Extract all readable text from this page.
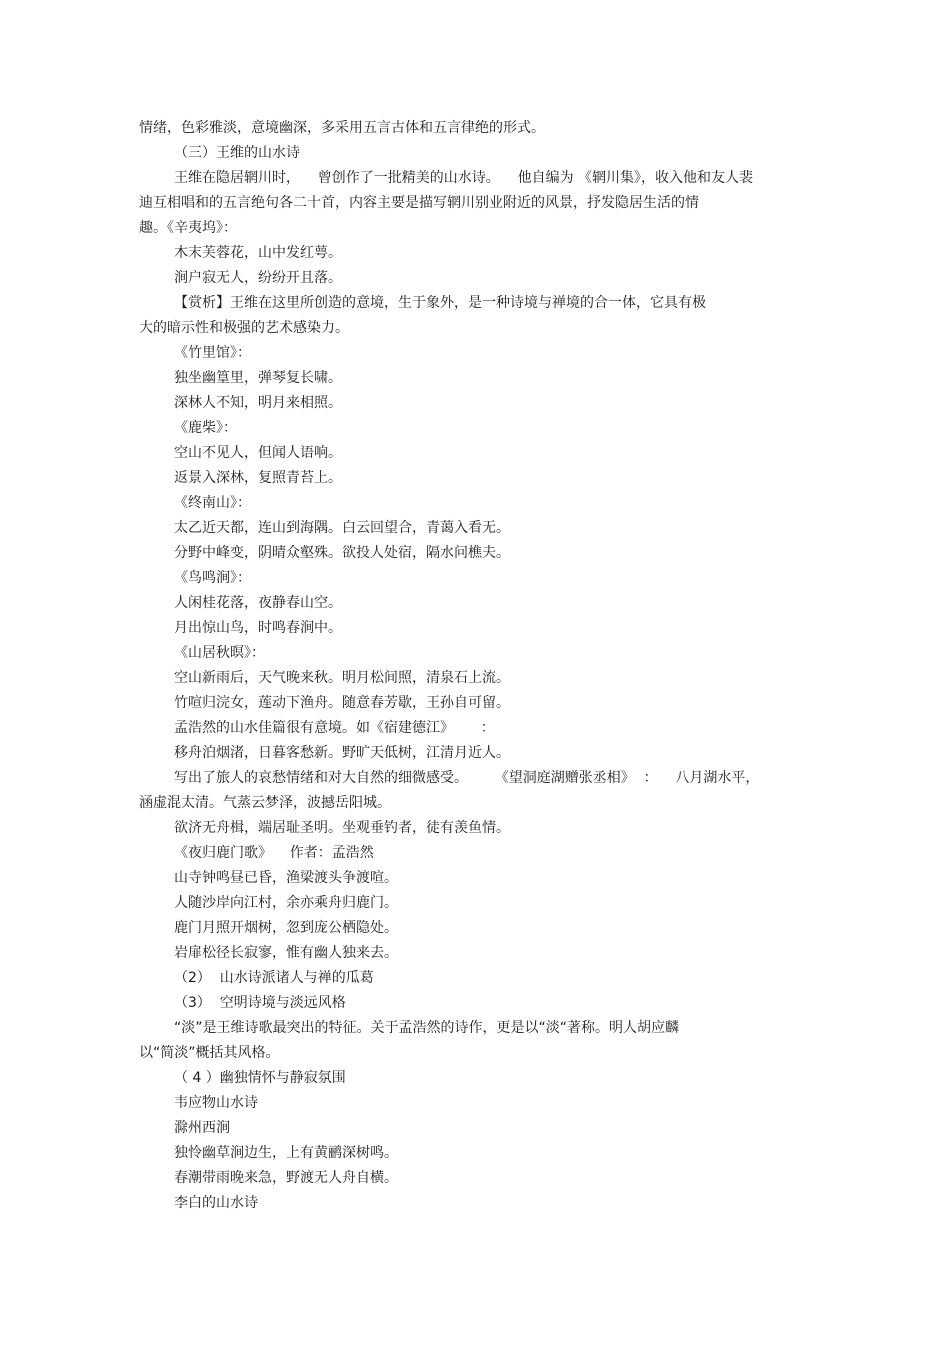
情绪，色彩雅淡，意境幽深，多采用五言古体和五言律绝的形式。
（三）王维的山水诗
王维在隐居辋川时，    曾创作了一批精美的山水诗。    他自编为 《辋川集》，收入他和友人裴
迪互相唱和的五言绝句各二十首，内容主要是描写辋川别业附近的风景，抒发隐居生活的情
趣。《辛夷坞》：
木末芙蓉花，山中发红萼。
涧户寂无人，纷纷开且落。
【赏析】王维在这里所创造的意境，生于象外，是一种诗境与禅境的合一体，它具有极
大的暗示性和极强的艺术感染力。
《竹里馆》：
独坐幽篁里，弹琴复长啸。
深林人不知，明月来相照。
《鹿柴》：
空山不见人，但闻人语响。
返景入深林，复照青苔上。
《终南山》：
太乙近天都，连山到海隅。白云回望合，青蔼入看无。
分野中峰变，阴晴众壑殊。欲投人处宿，隔水问樵夫。
《鸟鸣涧》：
人闲桂花落，夜静春山空。
月出惊山鸟，时鸣春涧中。
《山居秋暝》：
空山新雨后，天气晚来秋。明月松间照，清泉石上流。
竹喧归浣女，莲动下渔舟。随意春芳歇，王孙自可留。
孟浩然的山水佳篇很有意境。如《宿建德江》      ：
移舟泊烟渚，日暮客愁新。野旷天低树，江清月近人。
写出了旅人的哀愁情绪和对大自然的细微感受。      《望洞庭湖赠张丞相》  ：    八月湖水平，
涵虚混太清。气蒸云梦泽，波撼岳阳城。
欲济无舟楫，端居耻圣明。坐观垂钓者，徒有羡鱼情。
《夜归鹿门歌》    作者：孟浩然
山寺钟鸣昼已昏，渔梁渡头争渡喧。
人随沙岸向江村，余亦乘舟归鹿门。
鹿门月照开烟树，忽到庞公栖隐处。
岩扉松径长寂寥，惟有幽人独来去。
（2）  山水诗派诸人与禅的瓜葛
（3）  空明诗境与淡远风格
“淡”是王维诗歌最突出的特征。关于孟浩然的诗作，更是以“淡“著称。明人胡应麟
以“简淡”概括其风格。
（ 4 ）幽独情怀与静寂氛围
韦应物山水诗
滁州西涧
独怜幽草涧边生，上有黄鹂深树鸣。
春潮带雨晚来急，野渡无人舟自横。
李白的山水诗
